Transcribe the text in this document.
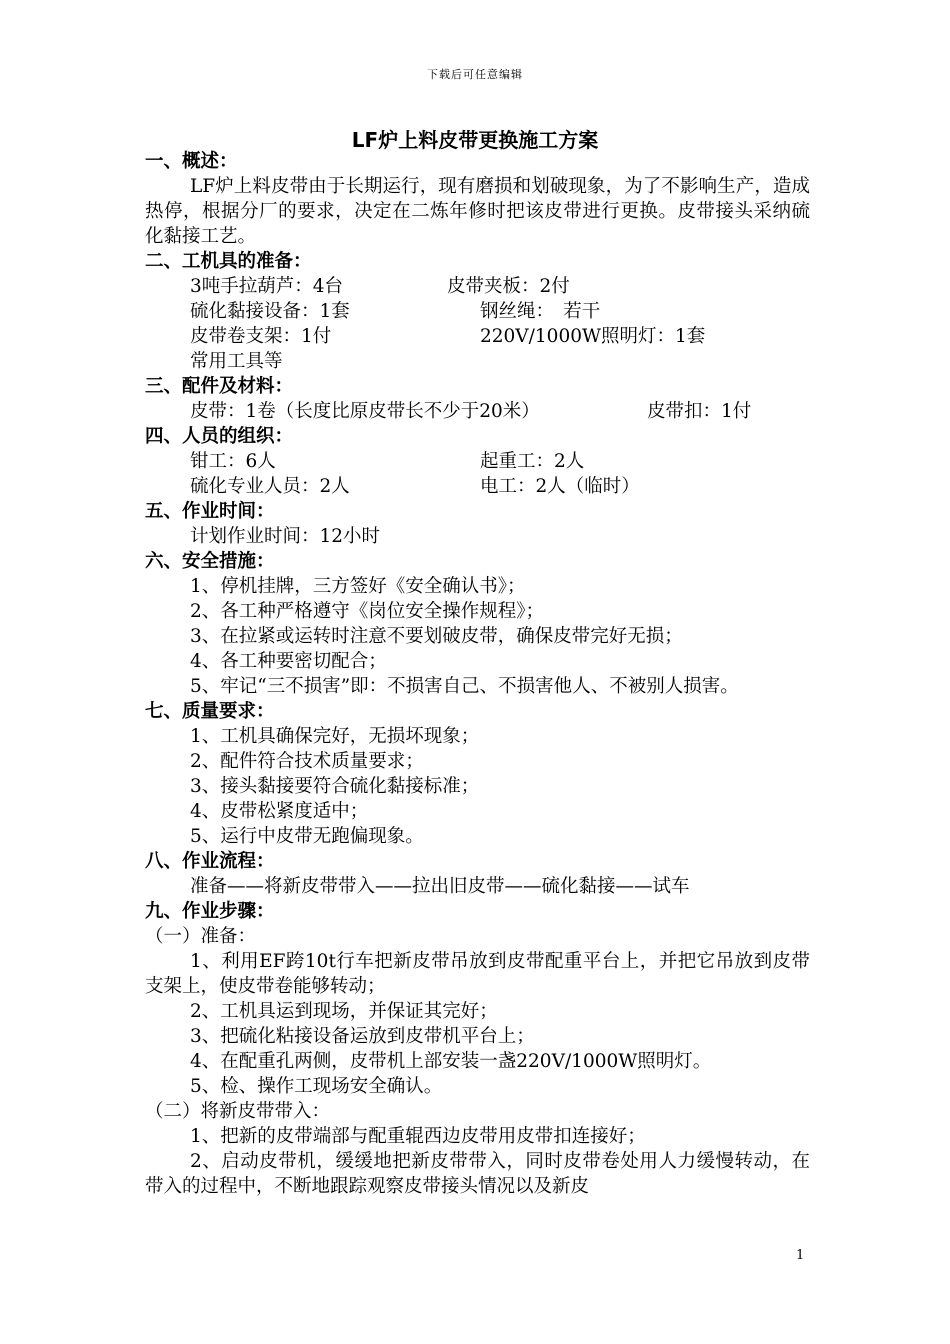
下载后可任意编辑
LF炉上料皮带更换施工方案
一、概述：
LF炉上料皮带由于长期运行，现有磨损和划破现象，为了不影响生产，造成热停，根据分厂的要求，决定在二炼年修时把该皮带进行更换。皮带接头采纳硫化黏接工艺。
二、工机具的准备：
3吨手拉葫芦：4台	皮带夹板：2付
硫化黏接设备：1套	钢丝绳：　若干
皮带卷支架：1付	220V/1000W照明灯：1套
常用工具等
三、配件及材料：
皮带：1卷（长度比原皮带长不少于20米）	皮带扣：1付
四、人员的组织：
钳工：6人	起重工：2人
硫化专业人员：2人	电工：2人（临时）
五、作业时间：
计划作业时间：12小时
六、安全措施：
1、停机挂牌，三方签好《安全确认书》；
2、各工种严格遵守《岗位安全操作规程》；
3、在拉紧或运转时注意不要划破皮带，确保皮带完好无损；
4、各工种要密切配合；
5、牢记“三不损害”即：不损害自己、不损害他人、不被别人损害。
七、质量要求：
1、工机具确保完好，无损坏现象；
2、配件符合技术质量要求；
3、接头黏接要符合硫化黏接标准；
4、皮带松紧度适中；
5、运行中皮带无跑偏现象。
八、作业流程：
准备——将新皮带带入——拉出旧皮带——硫化黏接——试车
九、作业步骤：
（一）准备：
1、利用EF跨10t行车把新皮带吊放到皮带配重平台上，并把它吊放到皮带支架上，使皮带卷能够转动；
2、工机具运到现场，并保证其完好；
3、把硫化粘接设备运放到皮带机平台上；
4、在配重孔两侧，皮带机上部安装一盏220V/1000W照明灯。
5、检、操作工现场安全确认。
（二）将新皮带带入：
1、把新的皮带端部与配重辊西边皮带用皮带扣连接好；
2、启动皮带机，缓缓地把新皮带带入，同时皮带卷处用人力缓慢转动，在带入的过程中，不断地跟踪观察皮带接头情况以及新皮
1
